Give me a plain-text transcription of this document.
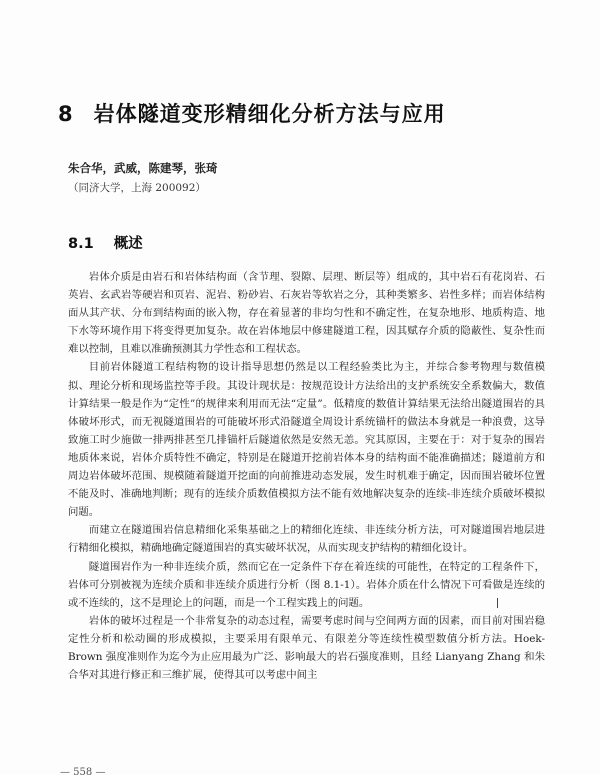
8 岩体隧道变形精细化分析方法与应用
朱合华，武威，陈建琴，张琦
（同济大学，上海 200092）
8.1 概述

岩体介质是由岩石和岩体结构面（含节理、裂隙、层理、断层等）组成的，其中岩石有花岗岩、石英岩、玄武岩等硬岩和页岩、泥岩、粉砂岩、石灰岩等软岩之分，其种类繁多、岩性多样；而岩体结构面从其产状、分布到结构面的嵌入物，存在着显著的非均匀性和不确定性，在复杂地形、地质构造、地下水等环境作用下将变得更加复杂。故在岩体地层中修建隧道工程，因其赋存介质的隐蔽性、复杂性而难以控制，且难以准确预测其力学性态和工程状态。

目前岩体隧道工程结构物的设计指导思想仍然是以工程经验类比为主，并综合参考物理与数值模拟、理论分析和现场监控等手段。其设计现状是：按规范设计方法给出的支护系统安全系数偏大，数值计算结果一般是作为“定性”的规律来利用而无法“定量”。低精度的数值计算结果无法给出隧道围岩的具体破坏形式，而无视隧道围岩的可能破坏形式沿隧道全周设计系统锚杆的做法本身就是一种浪费，这导致施工时少施做一排两排甚至几排锚杆后隧道依然是安然无恙。究其原因，主要在于：对于复杂的围岩地质体来说，岩体介质特性不确定，特别是在隧道开挖前岩体本身的结构面不能准确描述；隧道前方和周边岩体破坏范围、规模随着隧道开挖面的向前推进动态发展，发生时机难于确定，因而围岩破坏位置不能及时、准确地判断；现有的连续介质数值模拟方法不能有效地解决复杂的连续-非连续介质破坏模拟问题。

而建立在隧道围岩信息精细化采集基础之上的精细化连续、非连续分析方法，可对隧道围岩地层进行精细化模拟，精确地确定隧道围岩的真实破坏状况，从而实现支护结构的精细化设计。

隧道围岩作为一种非连续介质，然而它在一定条件下存在着连续的可能性，在特定的工程条件下，岩体可分别被视为连续介质和非连续介质进行分析（图 8.1-1）。岩体介质在什么情况下可看做是连续的或不连续的，这不是理论上的问题，而是一个工程实践上的问题。

岩体的破坏过程是一个非常复杂的动态过程，需要考虑时间与空间两方面的因素，而目前对围岩稳定性分析和松动圈的形成模拟，主要采用有限单元、有限差分等连续性模型数值分析方法。Hoek-Brown 强度准则作为迄今为止应用最为广泛、影响最大的岩石强度准则，且经 Lianyang Zhang 和朱合华对其进行修正和三维扩展，使得其可以考虑中间主

— 558 —
